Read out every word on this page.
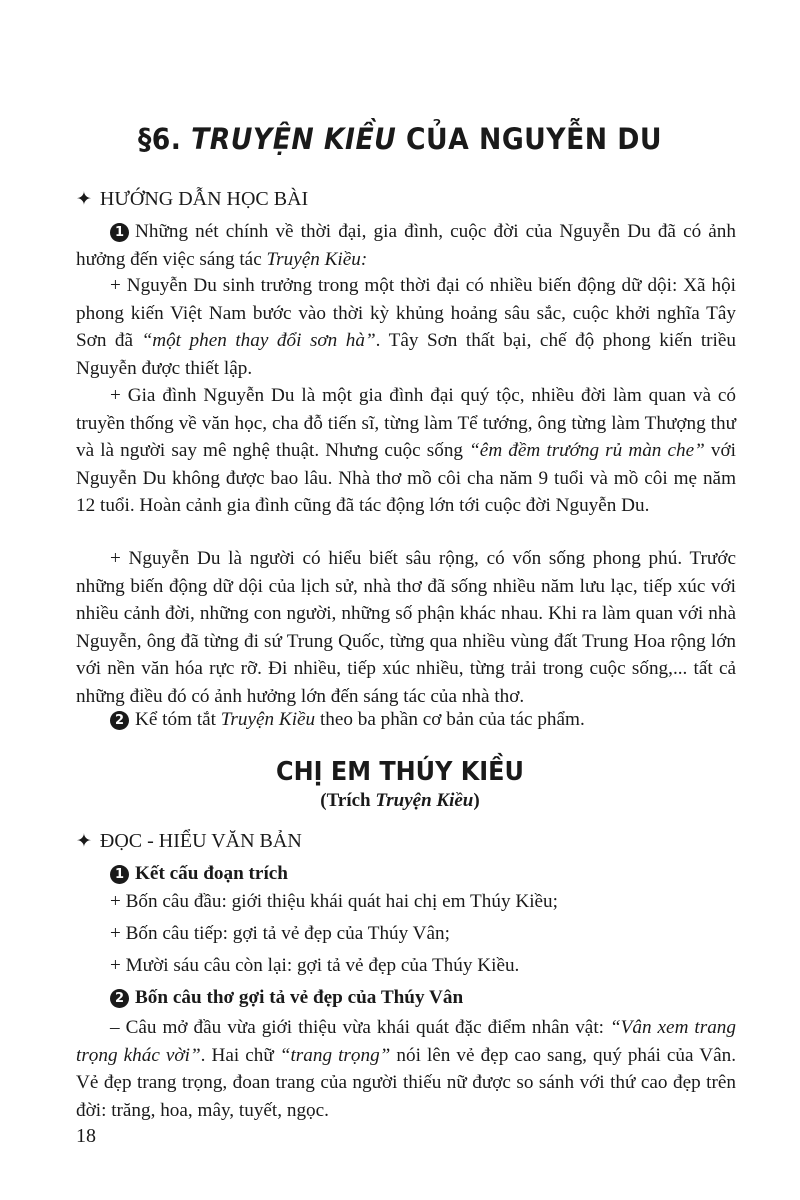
§6. TRUYỆN KIỀU CỦA NGUYỄN DU
✦ HƯỚNG DẪN HỌC BÀI
1 Những nét chính về thời đại, gia đình, cuộc đời của Nguyễn Du đã có ảnh hưởng đến việc sáng tác Truyện Kiều:
+ Nguyễn Du sinh trưởng trong một thời đại có nhiều biến động dữ dội: Xã hội phong kiến Việt Nam bước vào thời kỳ khủng hoảng sâu sắc, cuộc khởi nghĩa Tây Sơn đã “một phen thay đổi sơn hà”. Tây Sơn thất bại, chế độ phong kiến triều Nguyễn được thiết lập.
+ Gia đình Nguyễn Du là một gia đình đại quý tộc, nhiều đời làm quan và có truyền thống về văn học, cha đỗ tiến sĩ, từng làm Tể tướng, ông từng làm Thượng thư và là người say mê nghệ thuật. Nhưng cuộc sống “êm đềm trướng rủ màn che” với Nguyễn Du không được bao lâu. Nhà thơ mồ côi cha năm 9 tuổi và mồ côi mẹ năm 12 tuổi. Hoàn cảnh gia đình cũng đã tác động lớn tới cuộc đời Nguyễn Du.
+ Nguyễn Du là người có hiểu biết sâu rộng, có vốn sống phong phú. Trước những biến động dữ dội của lịch sử, nhà thơ đã sống nhiều năm lưu lạc, tiếp xúc với nhiều cảnh đời, những con người, những số phận khác nhau. Khi ra làm quan với nhà Nguyễn, ông đã từng đi sứ Trung Quốc, từng qua nhiều vùng đất Trung Hoa rộng lớn với nền văn hóa rực rỡ. Đi nhiều, tiếp xúc nhiều, từng trải trong cuộc sống,... tất cả những điều đó có ảnh hưởng lớn đến sáng tác của nhà thơ.
2 Kể tóm tắt Truyện Kiều theo ba phần cơ bản của tác phẩm.
CHỊ EM THÚY KIỀU
(Trích Truyện Kiều)
✦ ĐỌC - HIỂU VĂN BẢN
1 Kết cấu đoạn trích
+ Bốn câu đầu: giới thiệu khái quát hai chị em Thúy Kiều;
+ Bốn câu tiếp: gợi tả vẻ đẹp của Thúy Vân;
+ Mười sáu câu còn lại: gợi tả vẻ đẹp của Thúy Kiều.
2 Bốn câu thơ gợi tả vẻ đẹp của Thúy Vân
– Câu mở đầu vừa giới thiệu vừa khái quát đặc điểm nhân vật: “Vân xem trang trọng khác vời”. Hai chữ “trang trọng” nói lên vẻ đẹp cao sang, quý phái của Vân. Vẻ đẹp trang trọng, đoan trang của người thiếu nữ được so sánh với thứ cao đẹp trên đời: trăng, hoa, mây, tuyết, ngọc.
18
